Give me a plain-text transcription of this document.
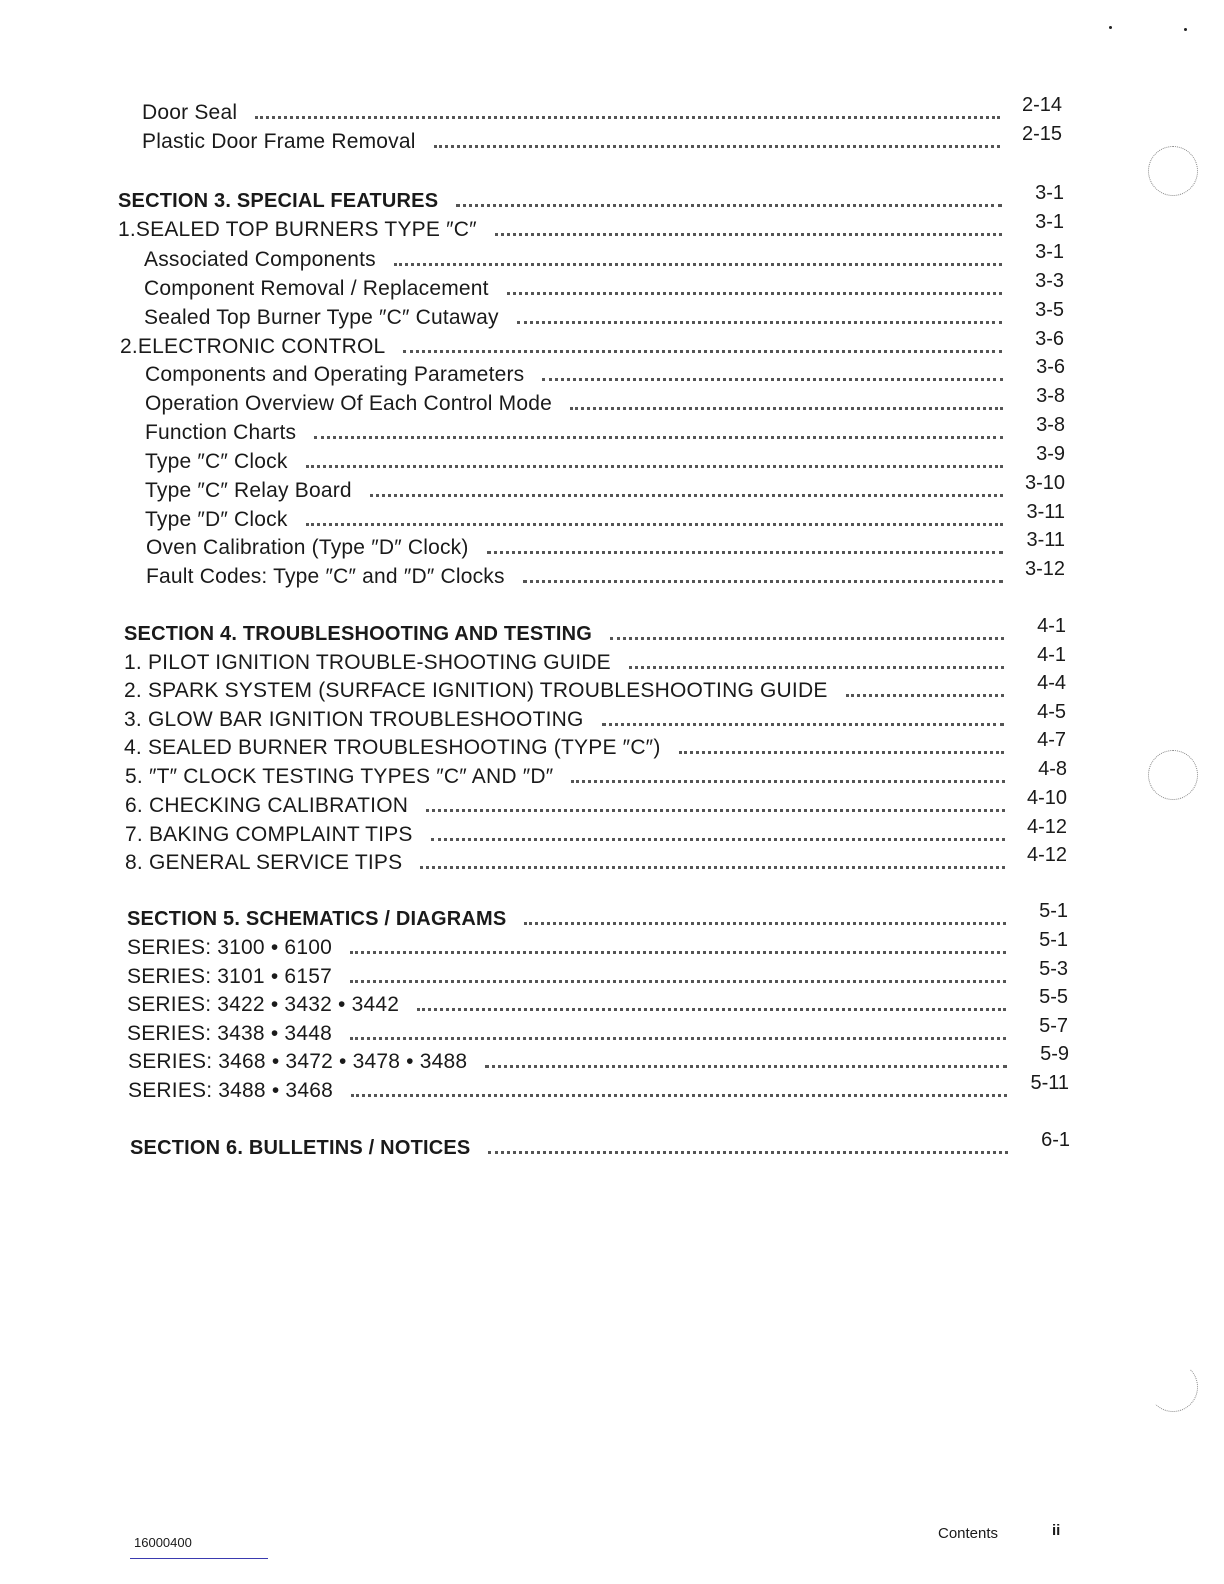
Door Seal	2-14
Plastic Door Frame Removal	2-15
SECTION 3. SPECIAL FEATURES	3-1
1.SEALED TOP BURNERS TYPE ″C″	3-1
Associated Components	3-1
Component Removal / Replacement	3-3
Sealed Top Burner Type ″C″ Cutaway	3-5
2.ELECTRONIC CONTROL	3-6
Components and Operating Parameters	3-6
Operation Overview Of Each Control Mode	3-8
Function Charts	3-8
Type ″C″ Clock	3-9
Type ″C″ Relay Board	3-10
Type ″D″ Clock	3-11
Oven Calibration (Type ″D″ Clock)	3-11
Fault Codes: Type ″C″ and ″D″ Clocks	3-12
SECTION 4. TROUBLESHOOTING AND TESTING	4-1
1. PILOT IGNITION TROUBLE-SHOOTING GUIDE	4-1
2. SPARK SYSTEM (SURFACE IGNITION) TROUBLESHOOTING GUIDE	4-4
3. GLOW BAR IGNITION TROUBLESHOOTING	4-5
4. SEALED BURNER TROUBLESHOOTING (TYPE ″C″)	4-7
5. ″T″ CLOCK TESTING TYPES ″C″ AND ″D″	4-8
6. CHECKING CALIBRATION	4-10
7. BAKING COMPLAINT TIPS	4-12
8. GENERAL SERVICE TIPS	4-12
SECTION 5. SCHEMATICS / DIAGRAMS	5-1
SERIES: 3100 • 6100	5-1
SERIES: 3101 • 6157	5-3
SERIES: 3422 • 3432 • 3442	5-5
SERIES: 3438 • 3448	5-7
SERIES: 3468 • 3472 • 3478 • 3488	5-9
SERIES: 3488 • 3468	5-11
SECTION 6. BULLETINS / NOTICES	6-1
16000400
Contents	ii
